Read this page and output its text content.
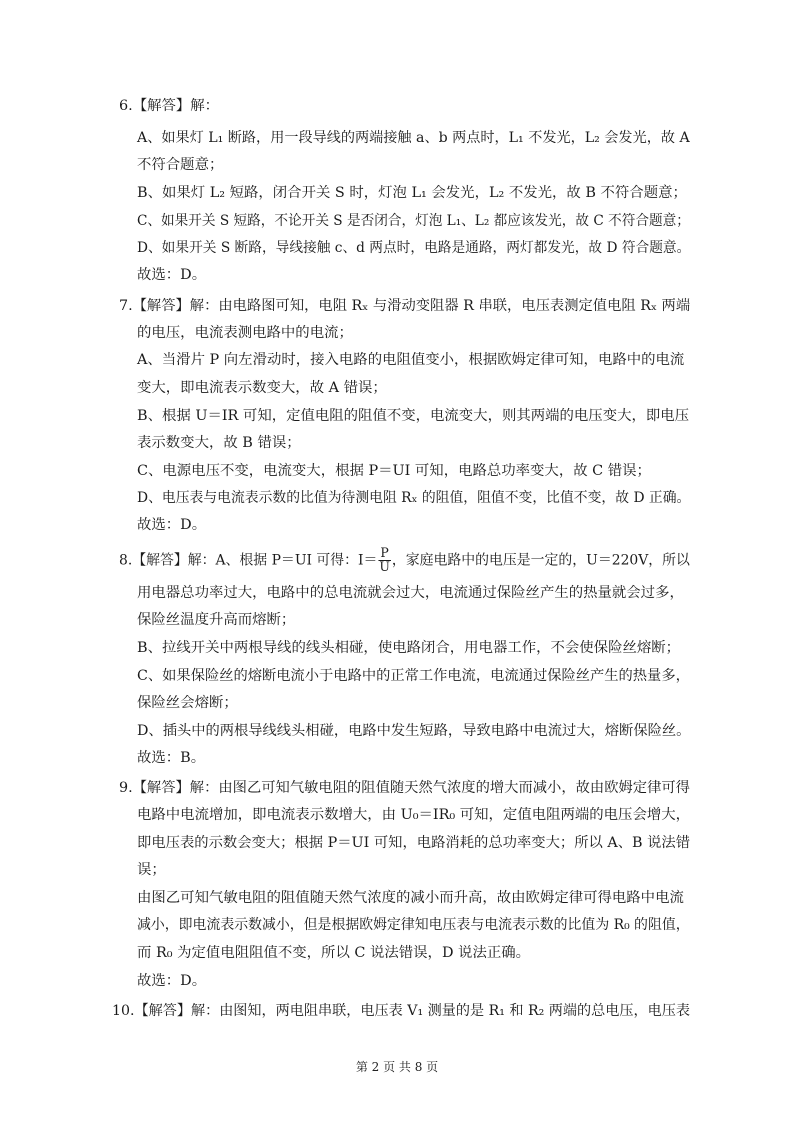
6.【解答】解：
A、如果灯 L₁ 断路，用一段导线的两端接触 a、b 两点时，L₁ 不发光，L₂ 会发光，故 A
不符合题意；
B、如果灯 L₂ 短路，闭合开关 S 时，灯泡 L₁ 会发光，L₂ 不发光，故 B 不符合题意；
C、如果开关 S 短路，不论开关 S 是否闭合，灯泡 L₁、L₂ 都应该发光，故 C 不符合题意；
D、如果开关 S 断路，导线接触 c、d 两点时，电路是通路，两灯都发光，故 D 符合题意。
故选：D。
7.【解答】解：由电路图可知，电阻 Rₓ 与滑动变阻器 R 串联，电压表测定值电阻 Rₓ 两端
的电压，电流表测电路中的电流；
A、当滑片 P 向左滑动时，接入电路的电阻值变小，根据欧姆定律可知，电路中的电流
变大，即电流表示数变大，故 A 错误；
B、根据 U＝IR 可知，定值电阻的阻值不变，电流变大，则其两端的电压变大，即电压
表示数变大，故 B 错误；
C、电源电压不变，电流变大，根据 P＝UI 可知，电路总功率变大，故 C 错误；
D、电压表与电流表示数的比值为待测电阻 Rₓ 的阻值，阻值不变，比值不变，故 D 正确。
故选：D。
8.【解答】解：A、根据 P＝UI 可得：$I= \frac{P}{U}$ ，家庭电路中的电压是一定的，U＝220V，所以
用电器总功率过大，电路中的总电流就会过大，电流通过保险丝产生的热量就会过多，
保险丝温度升高而熔断；
B、拉线开关中两根导线的线头相碰，使电路闭合，用电器工作，不会使保险丝熔断；
C、如果保险丝的熔断电流小于电路中的正常工作电流，电流通过保险丝产生的热量多，
保险丝会熔断；
D、插头中的两根导线线头相碰，电路中发生短路，导致电路中电流过大，熔断保险丝。
故选：B。
9.【解答】解：由图乙可知气敏电阻的阻值随天然气浓度的增大而减小，故由欧姆定律可得
电路中电流增加，即电流表示数增大，由 U₀＝IR₀ 可知，定值电阻两端的电压会增大，
即电压表的示数会变大；根据 P＝UI 可知，电路消耗的总功率变大；所以 A、B 说法错
误；
由图乙可知气敏电阻的阻值随天然气浓度的减小而升高，故由欧姆定律可得电路中电流
减小，即电流表示数减小，但是根据欧姆定律知电压表与电流表示数的比值为 R₀ 的阻值，
而 R₀ 为定值电阻阻值不变，所以 C 说法错误，D 说法正确。
故选：D。
10.【解答】解：由图知，两电阻串联，电压表 V₁ 测量的是 R₁ 和 R₂ 两端的总电压，电压表
第 2 页 共 8 页
